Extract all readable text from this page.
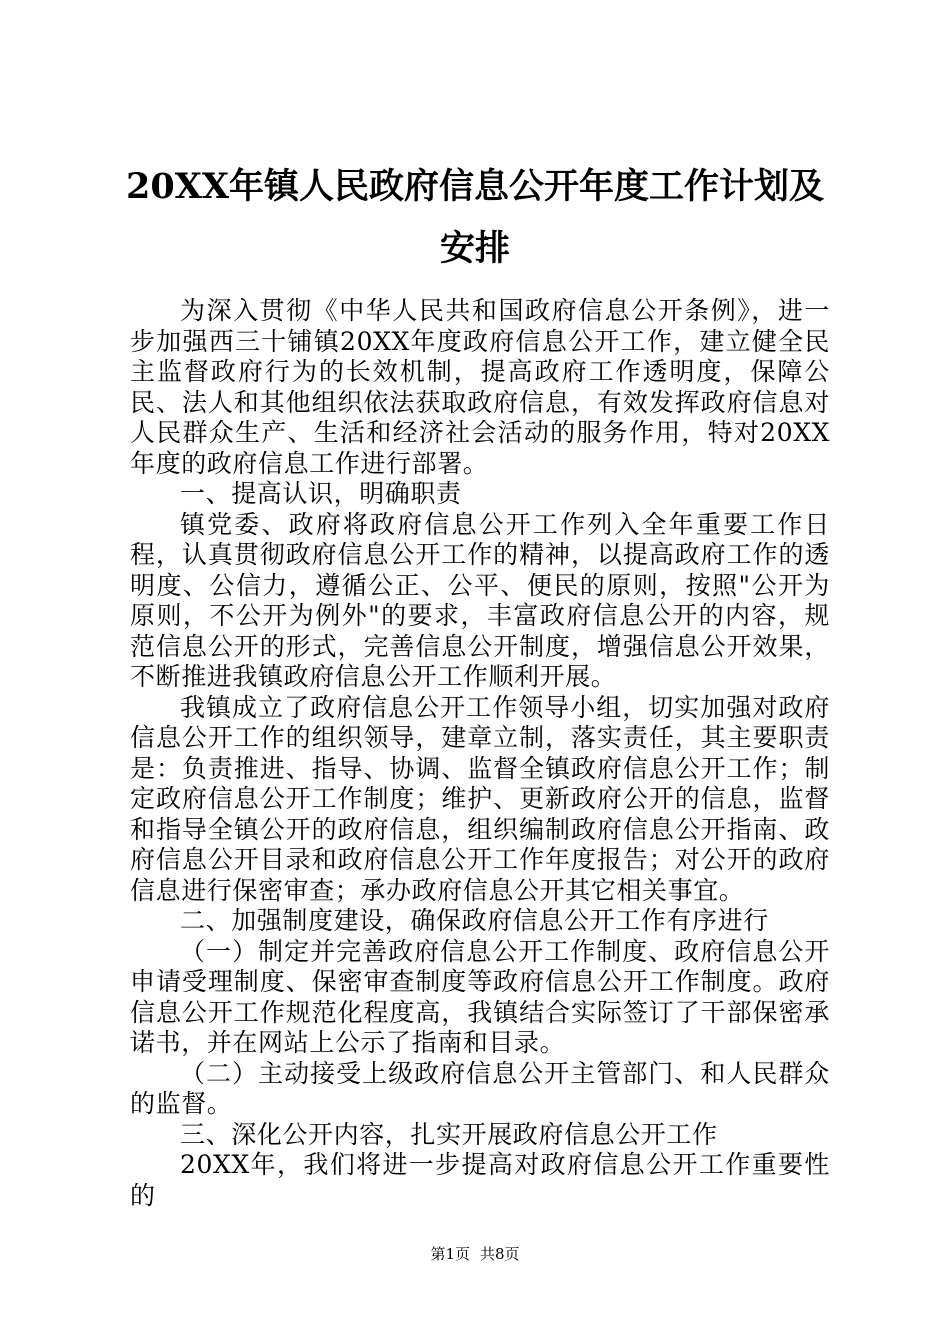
20XX年镇人民政府信息公开年度工作计划及
安排

为深入贯彻《中华人民共和国政府信息公开条例》，进一步加强西三十铺镇20XX年度政府信息公开工作，建立健全民主监督政府行为的长效机制，提高政府工作透明度，保障公民、法人和其他组织依法获取政府信息，有效发挥政府信息对人民群众生产、生活和经济社会活动的服务作用，特对20XX年度的政府信息工作进行部署。

一、提高认识，明确职责

镇党委、政府将政府信息公开工作列入全年重要工作日程，认真贯彻政府信息公开工作的精神，以提高政府工作的透明度、公信力，遵循公正、公平、便民的原则，按照"公开为原则，不公开为例外"的要求，丰富政府信息公开的内容，规范信息公开的形式，完善信息公开制度，增强信息公开效果，不断推进我镇政府信息公开工作顺利开展。

我镇成立了政府信息公开工作领导小组，切实加强对政府信息公开工作的组织领导，建章立制，落实责任，其主要职责是：负责推进、指导、协调、监督全镇政府信息公开工作；制定政府信息公开工作制度；维护、更新政府公开的信息，监督和指导全镇公开的政府信息，组织编制政府信息公开指南、政府信息公开目录和政府信息公开工作年度报告；对公开的政府信息进行保密审查；承办政府信息公开其它相关事宜。

二、加强制度建设，确保政府信息公开工作有序进行

（一）制定并完善政府信息公开工作制度、政府信息公开申请受理制度、保密审查制度等政府信息公开工作制度。政府信息公开工作规范化程度高，我镇结合实际签订了干部保密承诺书，并在网站上公示了指南和目录。

（二）主动接受上级政府信息公开主管部门、和人民群众的监督。

三、深化公开内容，扎实开展政府信息公开工作

20XX年，我们将进一步提高对政府信息公开工作重要性的

第1页 共8页
